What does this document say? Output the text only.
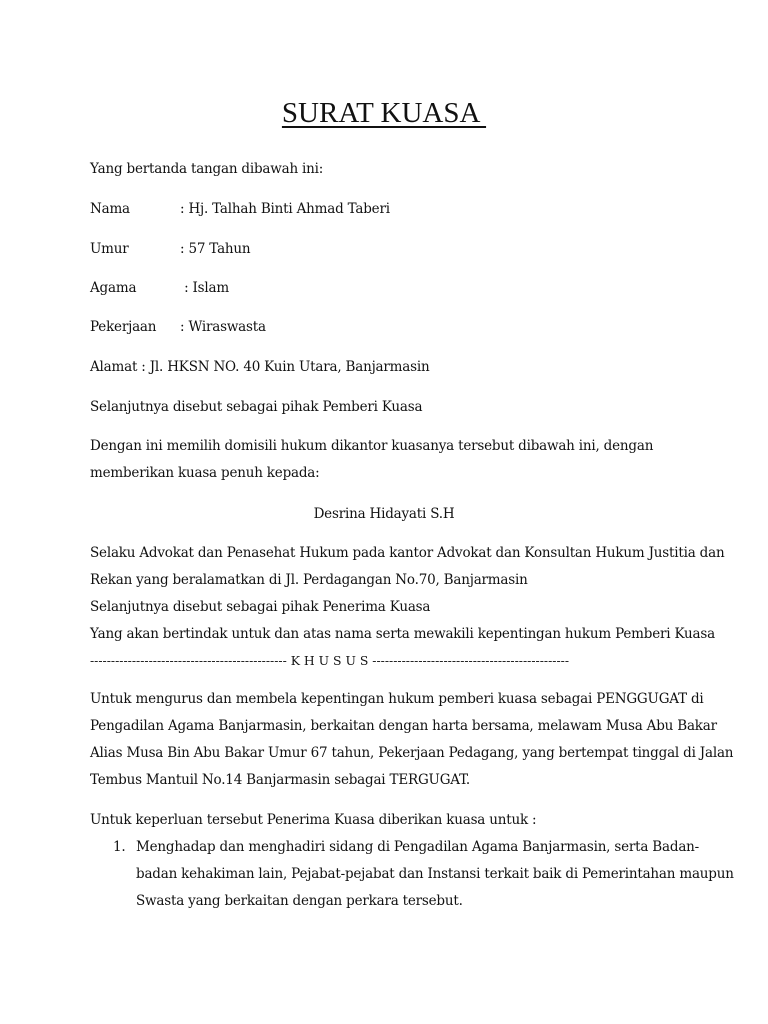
SURAT KUASA
Yang bertanda tangan dibawah ini:
Nama	: Hj. Talhah Binti Ahmad Taberi
Umur	: 57 Tahun
Agama	: Islam
Pekerjaan : Wiraswasta
Alamat : Jl. HKSN NO. 40 Kuin Utara, Banjarmasin
Selanjutnya disebut sebagai pihak Pemberi Kuasa
Dengan ini memilih domisili hukum dikantor kuasanya tersebut dibawah ini, dengan
memberikan kuasa penuh kepada:
Desrina Hidayati S.H
Selaku Advokat dan Penasehat Hukum pada kantor Advokat dan Konsultan Hukum Justitia dan
Rekan yang beralamatkan di Jl. Perdagangan No.70, Banjarmasin
Selanjutnya disebut sebagai pihak Penerima Kuasa
Yang akan bertindak untuk dan atas nama serta mewakili kepentingan hukum Pemberi Kuasa
----------------------------------------------- K H U S U S -----------------------------------------------
Untuk mengurus dan membela kepentingan hukum pemberi kuasa sebagai PENGGUGAT di
Pengadilan Agama Banjarmasin, berkaitan dengan harta bersama, melawam Musa Abu Bakar
Alias Musa Bin Abu Bakar Umur 67 tahun, Pekerjaan Pedagang, yang bertempat tinggal di Jalan
Tembus Mantuil No.14 Banjarmasin sebagai TERGUGAT.
Untuk keperluan tersebut Penerima Kuasa diberikan kuasa untuk :
1. Menghadap dan menghadiri sidang di Pengadilan Agama Banjarmasin, serta Badan-
badan kehakiman lain, Pejabat-pejabat dan Instansi terkait baik di Pemerintahan maupun
Swasta yang berkaitan dengan perkara tersebut.
